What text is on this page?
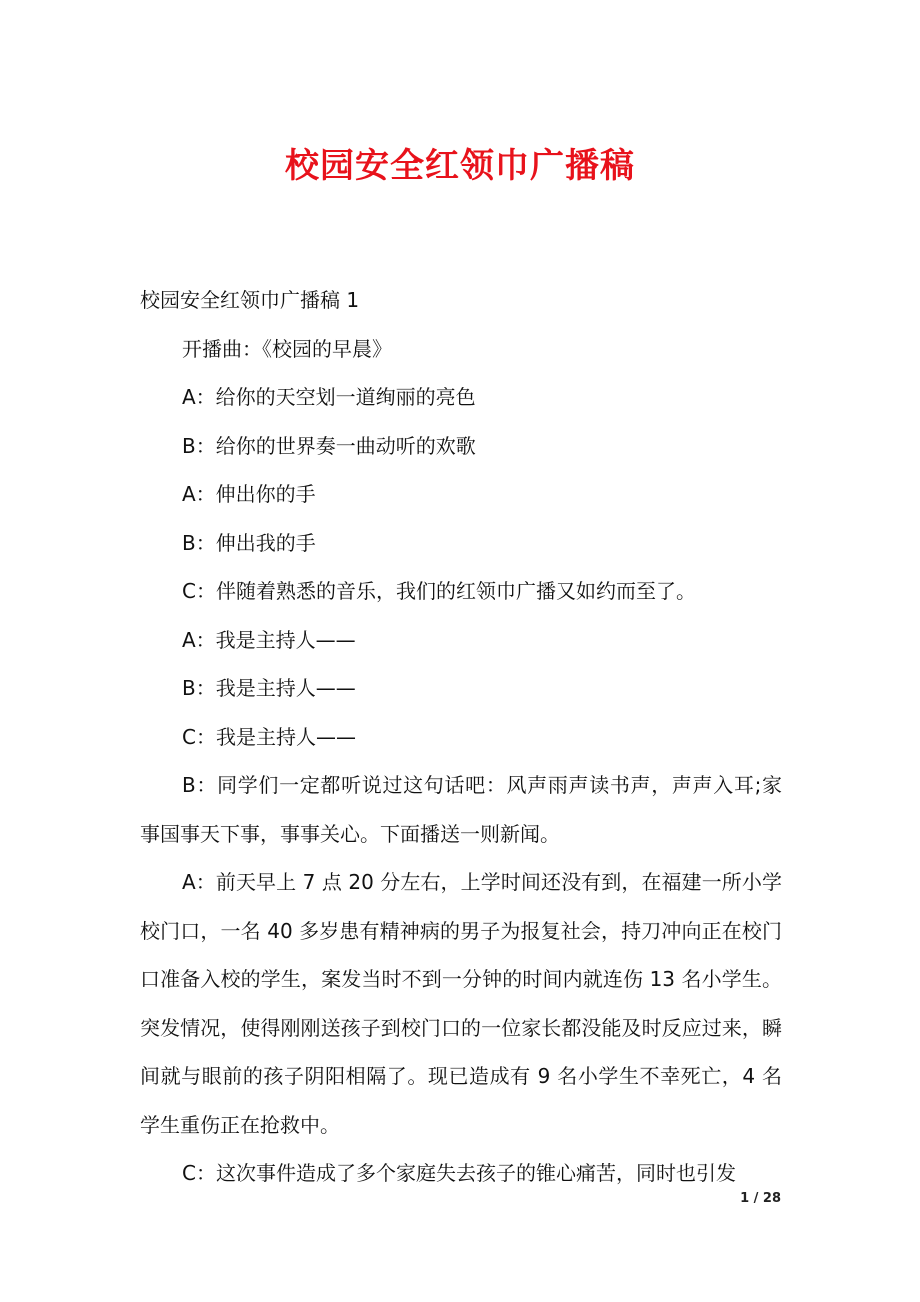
校园安全红领巾广播稿

校园安全红领巾广播稿 1

开播曲：《校园的早晨》

A：给你的天空划一道绚丽的亮色

B：给你的世界奏一曲动听的欢歌

A：伸出你的手

B：伸出我的手

C：伴随着熟悉的音乐，我们的红领巾广播又如约而至了。

A：我是主持人——

B：我是主持人——

C：我是主持人——

B：同学们一定都听说过这句话吧：风声雨声读书声，声声入耳;家事国事天下事，事事关心。下面播送一则新闻。

A：前天早上 7 点 20 分左右，上学时间还没有到，在福建一所小学校门口，一名 40 多岁患有精神病的男子为报复社会，持刀冲向正在校门口准备入校的学生，案发当时不到一分钟的时间内就连伤 13 名小学生。突发情况，使得刚刚送孩子到校门口的一位家长都没能及时反应过来，瞬间就与眼前的孩子阴阳相隔了。现已造成有 9 名小学生不幸死亡，4 名学生重伤正在抢救中。

C：这次事件造成了多个家庭失去孩子的锥心痛苦，同时也引发

1 / 28
